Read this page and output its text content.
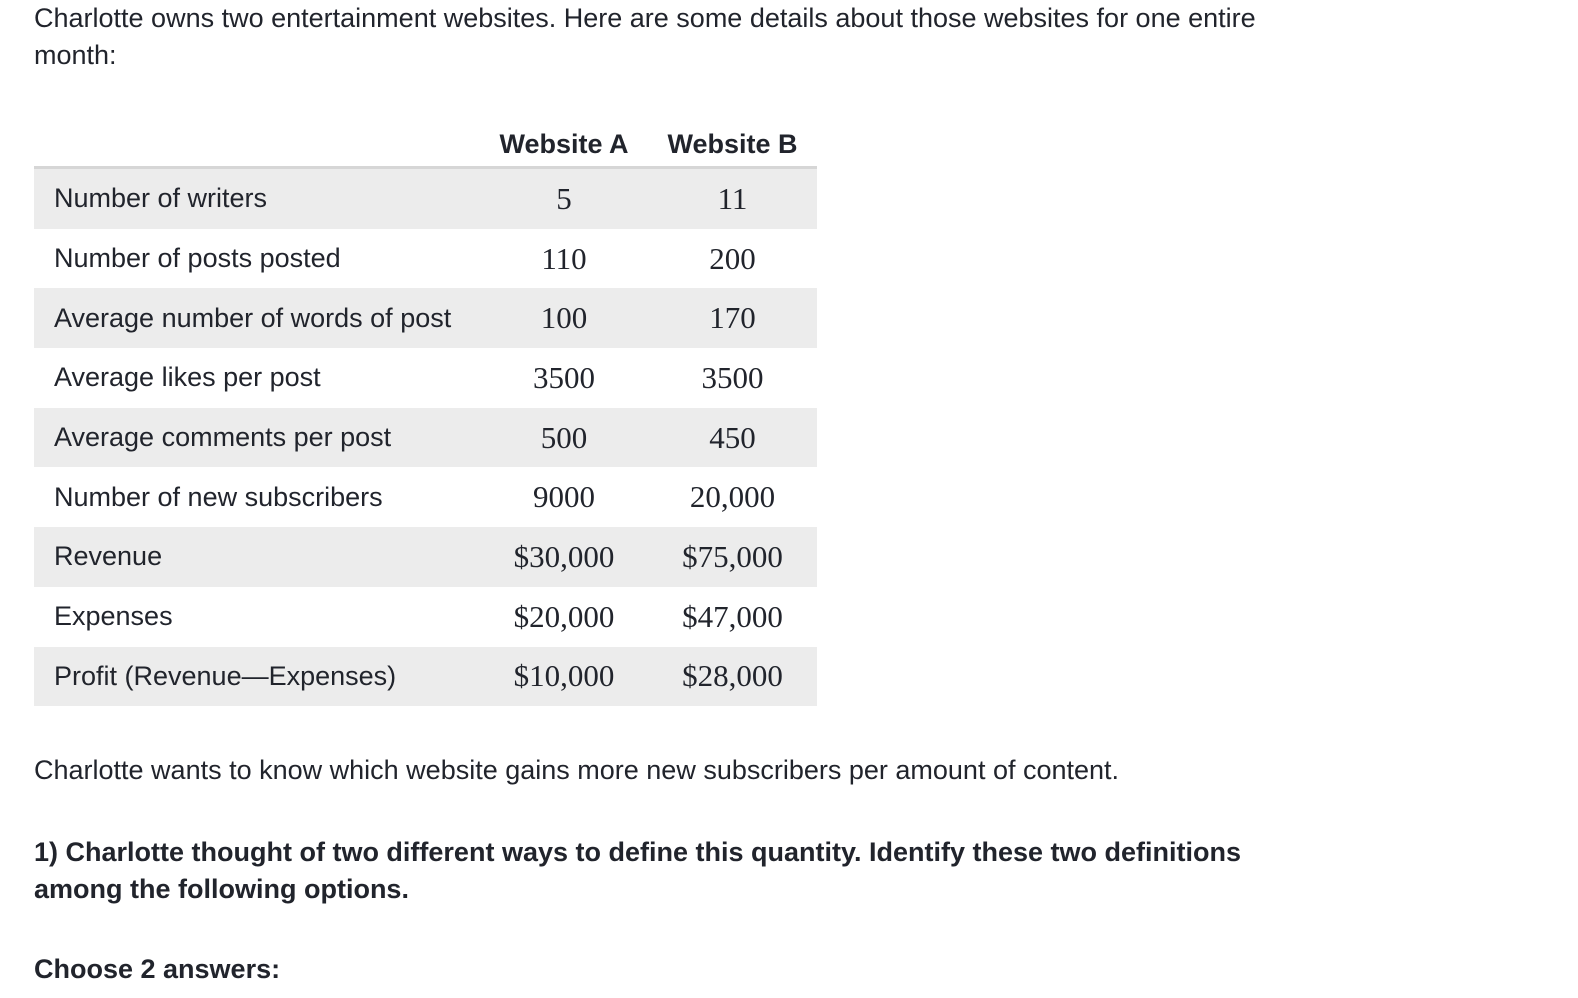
Charlotte owns two entertainment websites. Here are some details about those websites for one entire month:

	Website A	Website B
Number of writers	5	11
Number of posts posted	110	200
Average number of words of post	100	170
Average likes per post	3500	3500
Average comments per post	500	450
Number of new subscribers	9000	20,000
Revenue	$30,000	$75,000
Expenses	$20,000	$47,000
Profit (Revenue—Expenses)	$10,000	$28,000

Charlotte wants to know which website gains more new subscribers per amount of content.

1) Charlotte thought of two different ways to define this quantity. Identify these two definitions among the following options.

Choose 2 answers:
